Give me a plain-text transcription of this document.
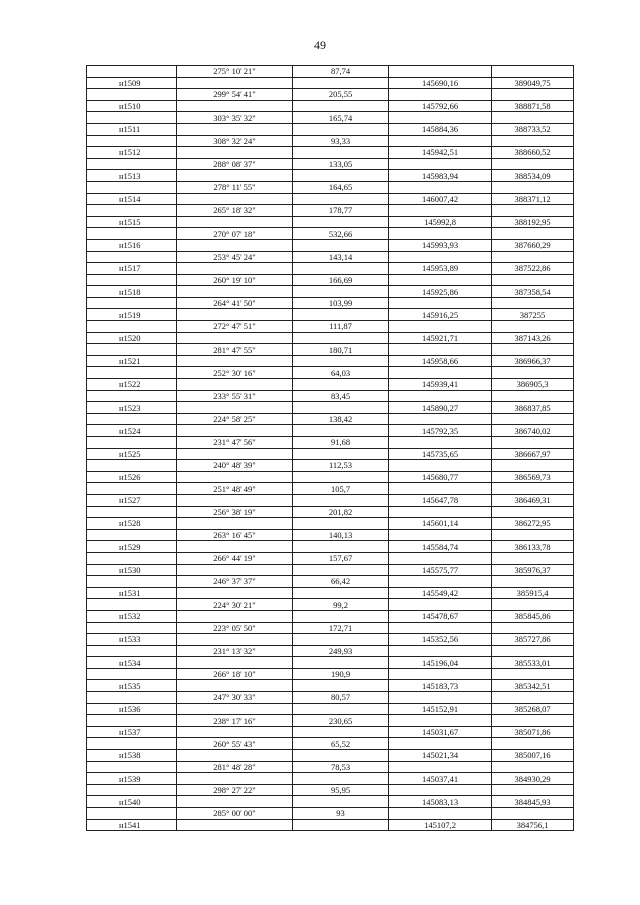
49
	275° 10' 21"	87,74		
н1509			145690,16	389049,75
	299° 54' 41"	205,55		
н1510			145792,66	388871,58
	303° 35' 32"	165,74		
н1511			145884,36	388733,52
	308° 32' 24"	93,33		
н1512			145942,51	388660,52
	288° 08' 37"	133,05		
н1513			145983,94	388534,09
	278° 11' 55"	164,65		
н1514			146007,42	388371,12
	265° 18' 32"	178,77		
н1515			145992,8	388192,95
	270° 07' 18"	532,66		
н1516			145993,93	387660,29
	253° 45' 24"	143,14		
н1517			145953,89	387522,86
	260° 19' 10"	166,69		
н1518			145925,86	387358,54
	264° 41' 50"	103,99		
н1519			145916,25	387255
	272° 47' 51"	111,87		
н1520			145921,71	387143,26
	281° 47' 55"	180,71		
н1521			145958,66	386966,37
	252° 30' 16"	64,03		
н1522			145939,41	386905,3
	233° 55' 31"	83,45		
н1523			145890,27	386837,85
	224° 58' 25"	138,42		
н1524			145792,35	386740,02
	231° 47' 56"	91,68		
н1525			145735,65	386667,97
	240° 48' 39"	112,53		
н1526			145680,77	386569,73
	251° 48' 49"	105,7		
н1527			145647,78	386469,31
	256° 38' 19"	201,82		
н1528			145601,14	386272,95
	263° 16' 45"	140,13		
н1529			145584,74	386133,78
	266° 44' 19"	157,67		
н1530			145575,77	385976,37
	246° 37' 37"	66,42		
н1531			145549,42	385915,4
	224° 30' 21"	99,2		
н1532			145478,67	385845,86
	223° 05' 50"	172,71		
н1533			145352,56	385727,86
	231° 13' 32"	249,93		
н1534			145196,04	385533,01
	266° 18' 10"	190,9		
н1535			145183,73	385342,51
	247° 30' 33"	80,57		
н1536			145152,91	385268,07
	238° 17' 16"	230,65		
н1537			145031,67	385071,86
	260° 55' 43"	65,52		
н1538			145021,34	385007,16
	281° 48' 28"	78,53		
н1539			145037,41	384930,29
	298° 27' 22"	95,95		
н1540			145083,13	384845,93
	285° 00' 00"	93		
н1541			145107,2	384756,1
